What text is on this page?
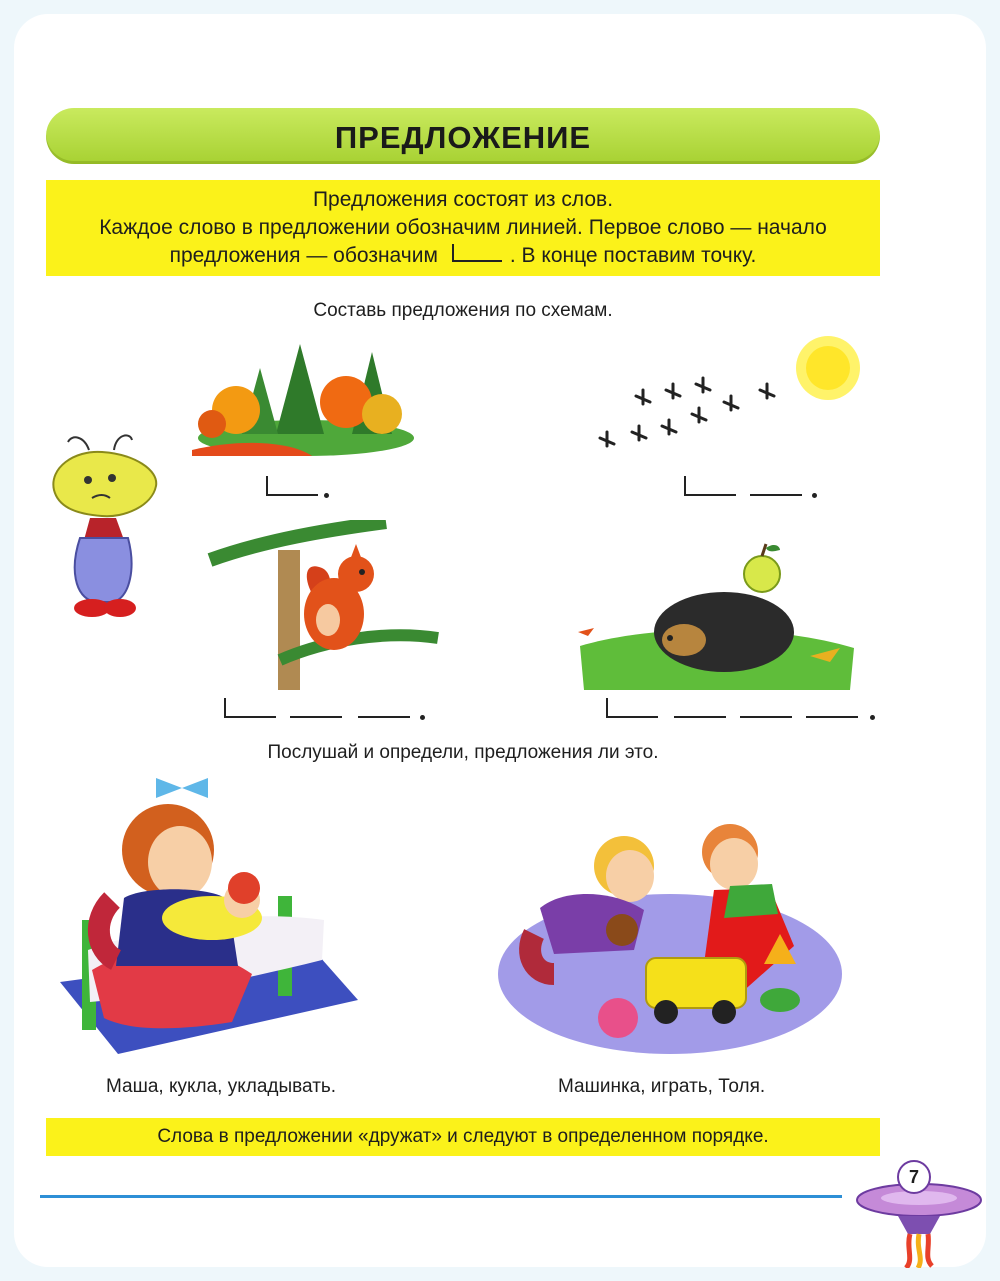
ПРЕДЛОЖЕНИЕ
Предложения состоят из слов.
Каждое слово в предложении обозначим линией. Первое слово — начало
предложения — обозначим	. В конце поставим точку.
Составь предложения по схемам.
Послушай и определи, предложения ли это.
Маша, кукла, укладывать.	Машинка, играть, Толя.
Слова в предложении «дружат» и следуют в определенном порядке.
7
